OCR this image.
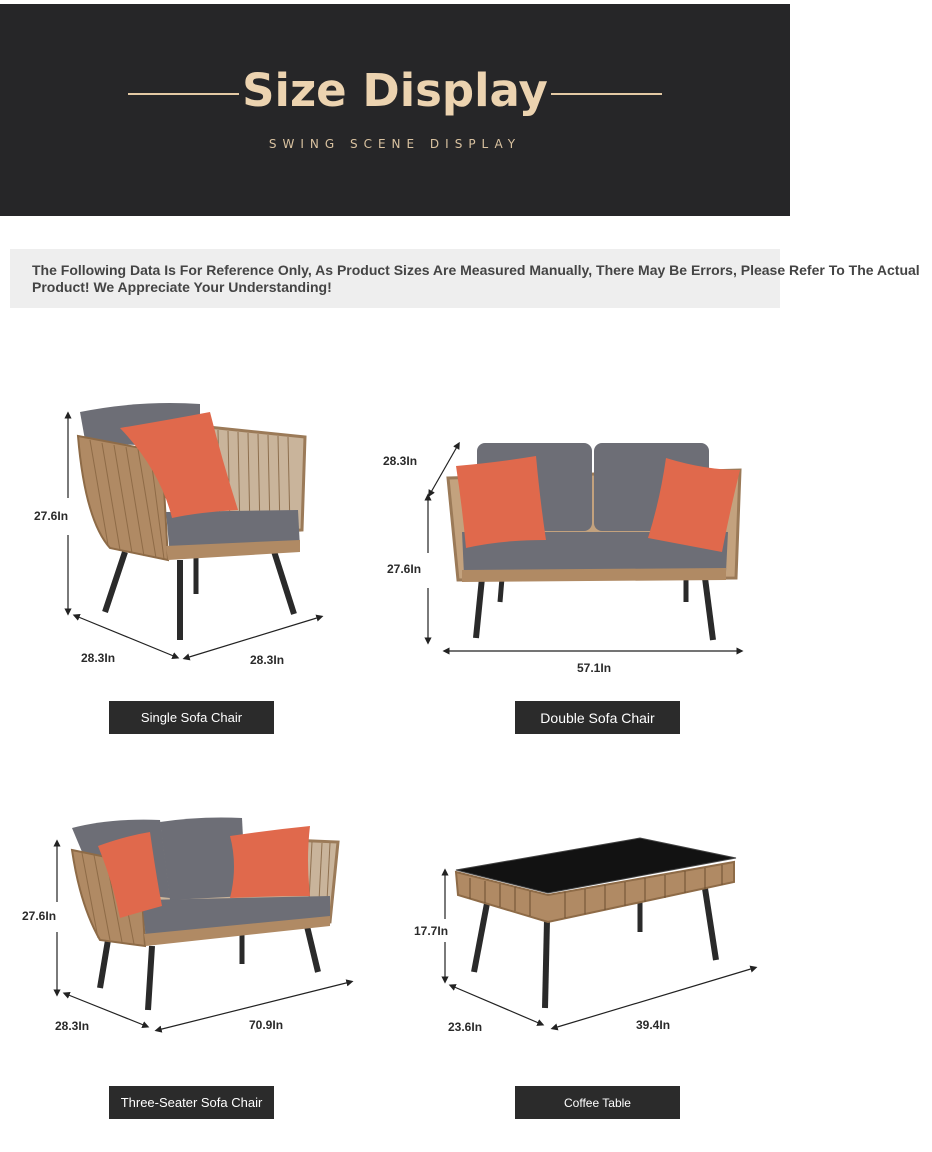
Size Display
SWING SCENE DISPLAY

The Following Data Is For Reference Only, As Product Sizes Are Measured Manually, There May Be Errors, Please Refer To The Actual
Product! We Appreciate Your Understanding!

27.6In
28.3In	28.3In
Single Sofa Chair
28.3In
27.6In
57.1In
Double Sofa Chair
27.6In
28.3In	70.9In
Three-Seater Sofa Chair
17.7In
23.6In	39.4In
Coffee Table
